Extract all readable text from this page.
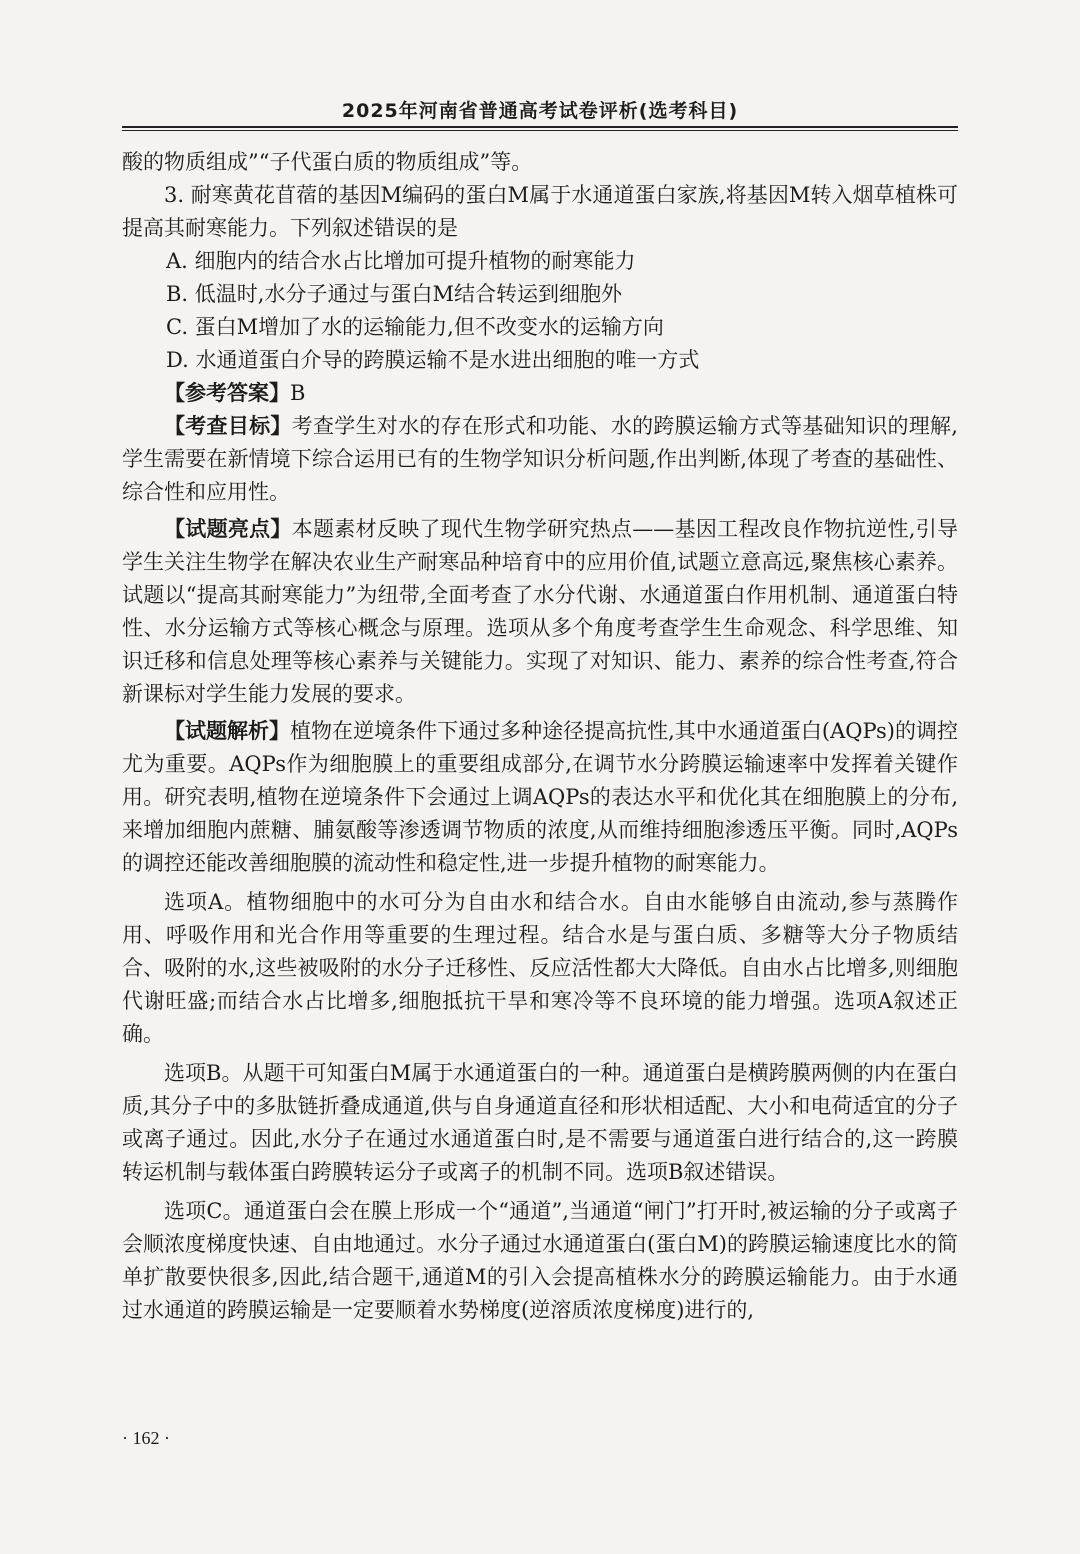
2025年河南省普通高考试卷评析(选考科目)

酸的物质组成”“子代蛋白质的物质组成”等。

3. 耐寒黄花苜蓿的基因M编码的蛋白M属于水通道蛋白家族,将基因M转入烟草植株可提高其耐寒能力。下列叙述错误的是

A. 细胞内的结合水占比增加可提升植物的耐寒能力

B. 低温时,水分子通过与蛋白M结合转运到细胞外

C. 蛋白M增加了水的运输能力,但不改变水的运输方向

D. 水通道蛋白介导的跨膜运输不是水进出细胞的唯一方式

【参考答案】B

【考查目标】考查学生对水的存在形式和功能、水的跨膜运输方式等基础知识的理解,学生需要在新情境下综合运用已有的生物学知识分析问题,作出判断,体现了考查的基础性、综合性和应用性。

【试题亮点】本题素材反映了现代生物学研究热点——基因工程改良作物抗逆性,引导学生关注生物学在解决农业生产耐寒品种培育中的应用价值,试题立意高远,聚焦核心素养。试题以“提高其耐寒能力”为纽带,全面考查了水分代谢、水通道蛋白作用机制、通道蛋白特性、水分运输方式等核心概念与原理。选项从多个角度考查学生生命观念、科学思维、知识迁移和信息处理等核心素养与关键能力。实现了对知识、能力、素养的综合性考查,符合新课标对学生能力发展的要求。

【试题解析】植物在逆境条件下通过多种途径提高抗性,其中水通道蛋白(AQPs)的调控尤为重要。AQPs作为细胞膜上的重要组成部分,在调节水分跨膜运输速率中发挥着关键作用。研究表明,植物在逆境条件下会通过上调AQPs的表达水平和优化其在细胞膜上的分布,来增加细胞内蔗糖、脯氨酸等渗透调节物质的浓度,从而维持细胞渗透压平衡。同时,AQPs的调控还能改善细胞膜的流动性和稳定性,进一步提升植物的耐寒能力。

选项A。植物细胞中的水可分为自由水和结合水。自由水能够自由流动,参与蒸腾作用、呼吸作用和光合作用等重要的生理过程。结合水是与蛋白质、多糖等大分子物质结合、吸附的水,这些被吸附的水分子迁移性、反应活性都大大降低。自由水占比增多,则细胞代谢旺盛;而结合水占比增多,细胞抵抗干旱和寒冷等不良环境的能力增强。选项A叙述正确。

选项B。从题干可知蛋白M属于水通道蛋白的一种。通道蛋白是横跨膜两侧的内在蛋白质,其分子中的多肽链折叠成通道,供与自身通道直径和形状相适配、大小和电荷适宜的分子或离子通过。因此,水分子在通过水通道蛋白时,是不需要与通道蛋白进行结合的,这一跨膜转运机制与载体蛋白跨膜转运分子或离子的机制不同。选项B叙述错误。

选项C。通道蛋白会在膜上形成一个“通道”,当通道“闸门”打开时,被运输的分子或离子会顺浓度梯度快速、自由地通过。水分子通过水通道蛋白(蛋白M)的跨膜运输速度比水的简单扩散要快很多,因此,结合题干,通道M的引入会提高植株水分的跨膜运输能力。由于水通过水通道的跨膜运输是一定要顺着水势梯度(逆溶质浓度梯度)进行的,

· 162 ·
